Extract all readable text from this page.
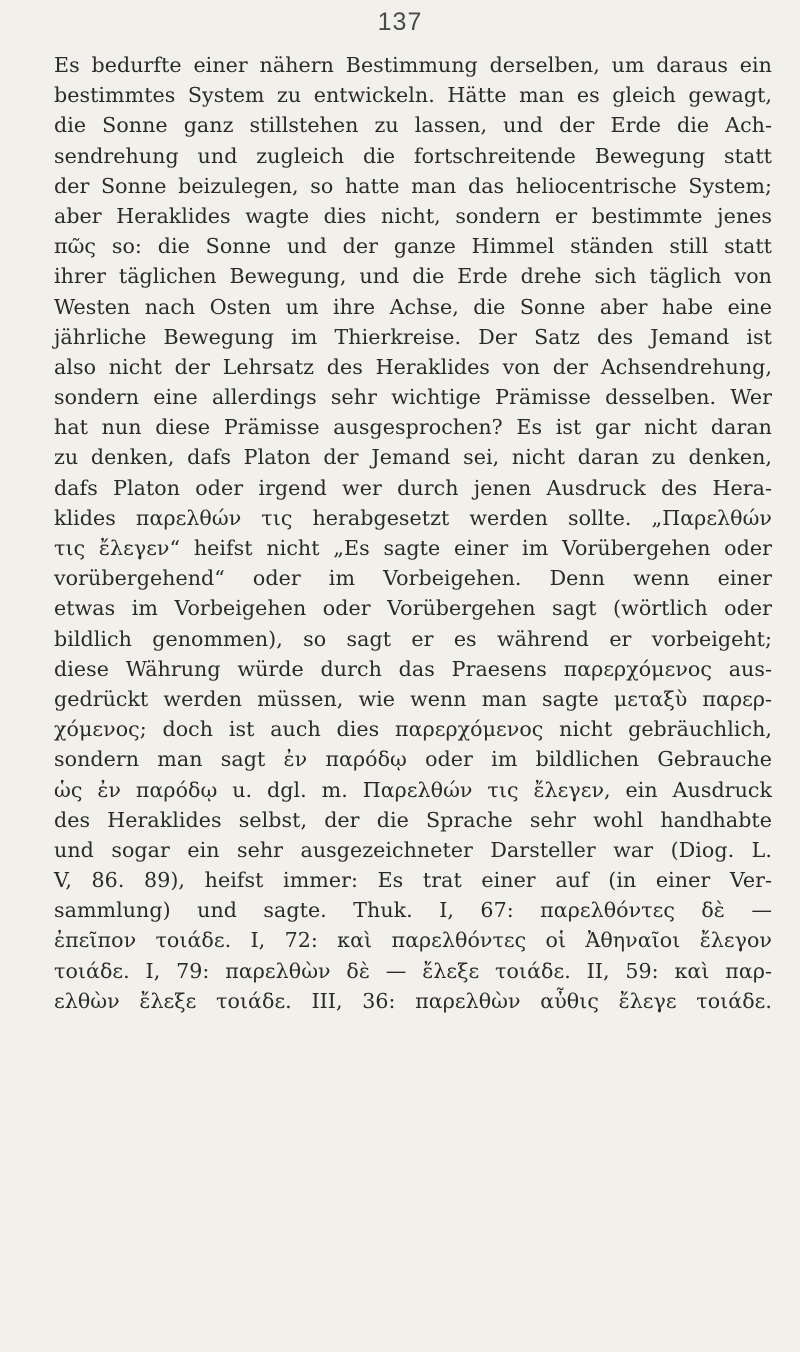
137
Es bedurfte einer nähern Bestimmung derselben, um daraus ein
bestimmtes System zu entwickeln. Hätte man es gleich gewagt,
die Sonne ganz stillstehen zu lassen, und der Erde die Ach-
sendrehung und zugleich die fortschreitende Bewegung statt
der Sonne beizulegen, so hatte man das heliocentrische System;
aber Heraklides wagte dies nicht, sondern er bestimmte jenes
πῶς so: die Sonne und der ganze Himmel ständen still statt
ihrer täglichen Bewegung, und die Erde drehe sich täglich von
Westen nach Osten um ihre Achse, die Sonne aber habe eine
jährliche Bewegung im Thierkreise. Der Satz des Jemand ist
also nicht der Lehrsatz des Heraklides von der Achsendrehung,
sondern eine allerdings sehr wichtige Prämisse desselben. Wer
hat nun diese Prämisse ausgesprochen? Es ist gar nicht daran
zu denken, dafs Platon der Jemand sei, nicht daran zu denken,
dafs Platon oder irgend wer durch jenen Ausdruck des Hera-
klides παρελθών τις herabgesetzt werden sollte. „Παρελθών
τις ἔλεγεν“ heifst nicht „Es sagte einer im Vorübergehen oder
vorübergehend“ oder im Vorbeigehen. Denn wenn einer
etwas im Vorbeigehen oder Vorübergehen sagt (wörtlich oder
bildlich genommen), so sagt er es während er vorbeigeht;
diese Währung würde durch das Praesens παρερχόμενος aus-
gedrückt werden müssen, wie wenn man sagte μεταξὺ παρερ-
χόμενος; doch ist auch dies παρερχόμενος nicht gebräuchlich,
sondern man sagt ἐν παρόδῳ oder im bildlichen Gebrauche
ὡς ἐν παρόδῳ u. dgl. m. Παρελθών τις ἔλεγεν, ein Ausdruck
des Heraklides selbst, der die Sprache sehr wohl handhabte
und sogar ein sehr ausgezeichneter Darsteller war (Diog. L.
V, 86. 89), heifst immer: Es trat einer auf (in einer Ver-
sammlung) und sagte. Thuk. I, 67: παρελθόντες δὲ —
ἐπεῖπον τοιάδε. I, 72: καὶ παρελθόντες οἱ Ἀθηναῖοι ἔλεγον
τοιάδε. I, 79: παρελθὼν δὲ — ἔλεξε τοιάδε. II, 59: καὶ παρ-
ελθὼν ἔλεξε τοιάδε. III, 36: παρελθὼν αὖθις ἔλεγε τοιάδε.
